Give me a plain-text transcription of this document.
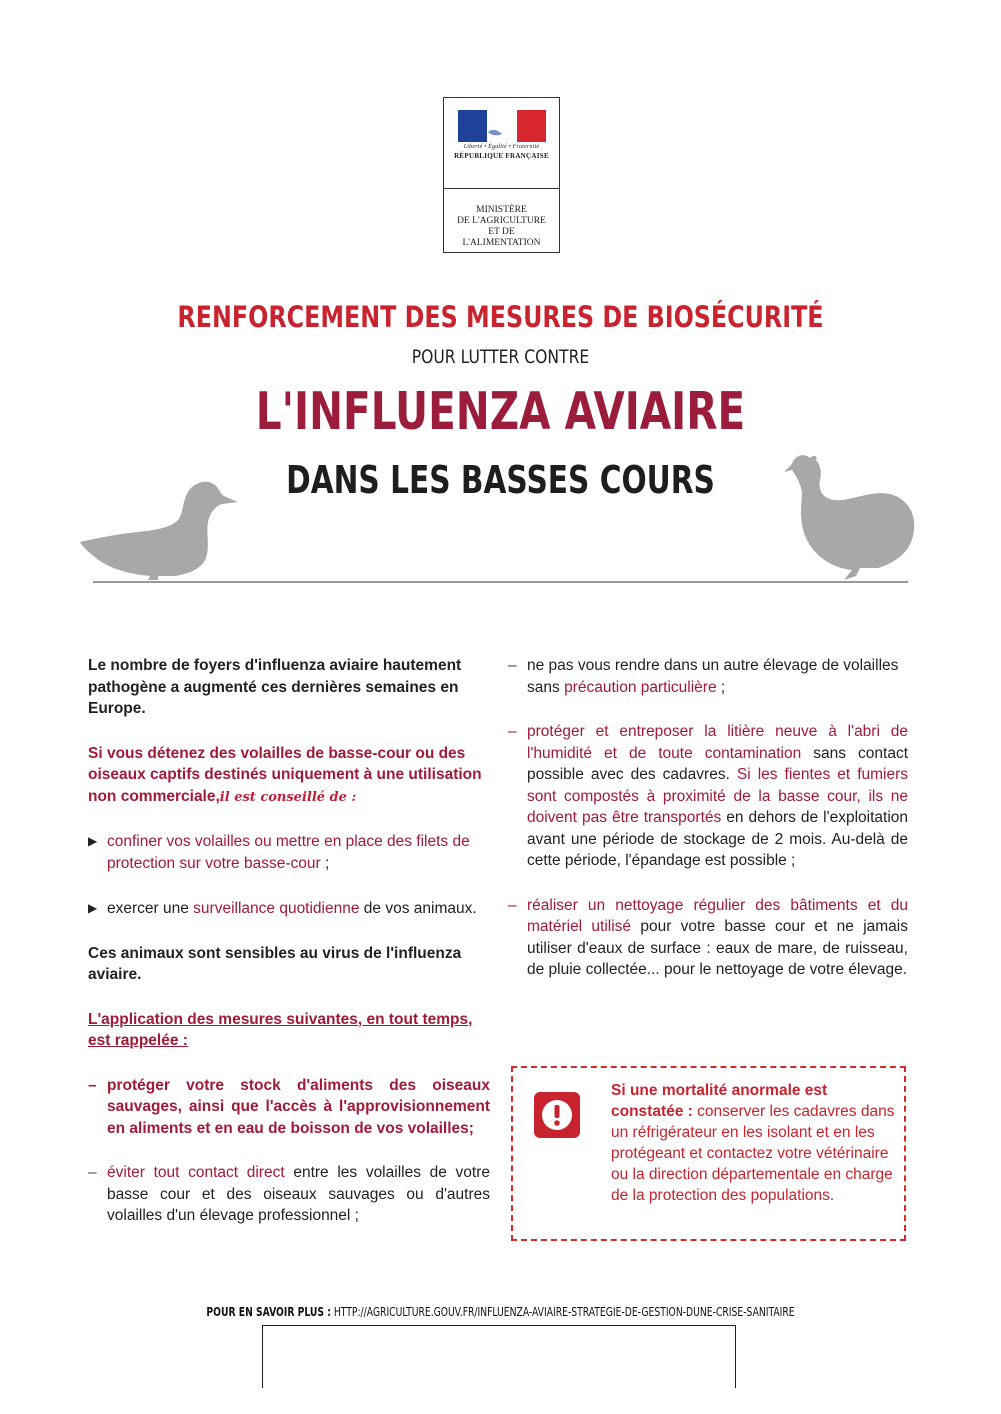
Liberté • Égalité • Fraternité
RÉPUBLIQUE FRANÇAISE
MINISTÈRE
DE L'AGRICULTURE
ET DE
L'ALIMENTATION
RENFORCEMENT DES MESURES DE BIOSÉCURITÉ
POUR LUTTER CONTRE
L'INFLUENZA AVIAIRE
DANS LES BASSES COURS

Le nombre de foyers d'influenza aviaire hautement pathogène a augmenté ces dernières semaines en Europe.

Si vous détenez des volailles de basse-cour ou des oiseaux captifs destinés uniquement à une utilisation non commerciale,il est conseillé de :

▶ confiner vos volailles ou mettre en place des filets de protection sur votre basse-cour ;
▶ exercer une surveillance quotidienne de vos animaux.

Ces animaux sont sensibles au virus de l'influenza aviaire.

L'application des mesures suivantes, en tout temps, est rappelée :

– protéger votre stock d'aliments des oiseaux sauvages, ainsi que l'accès à l'approvisionnement en aliments et en eau de boisson de vos volailles;
– éviter tout contact direct entre les volailles de votre basse cour et des oiseaux sauvages ou d'autres volailles d'un élevage professionnel ;
– ne pas vous rendre dans un autre élevage de volailles sans précaution particulière ;
– protéger et entreposer la litière neuve à l'abri de l'humidité et de toute contamination sans contact possible avec des cadavres. Si les fientes et fumiers sont compostés à proximité de la basse cour, ils ne doivent pas être transportés en dehors de l'exploitation avant une période de stockage de 2 mois. Au-delà de cette période, l'épandage est possible ;
– réaliser un nettoyage régulier des bâtiments et du matériel utilisé pour votre basse cour et ne jamais utiliser d'eaux de surface : eaux de mare, de ruisseau, de pluie collectée... pour le nettoyage de votre élevage.
Si une mortalité anormale est constatée : conserver les cadavres dans un réfrigérateur en les isolant et en les protégeant et contactez votre vétérinaire ou la direction départementale en charge de la protection des populations.
POUR EN SAVOIR PLUS : HTTP://AGRICULTURE.GOUV.FR/INFLUENZA-AVIAIRE-STRATEGIE-DE-GESTION-DUNE-CRISE-SANITAIRE
